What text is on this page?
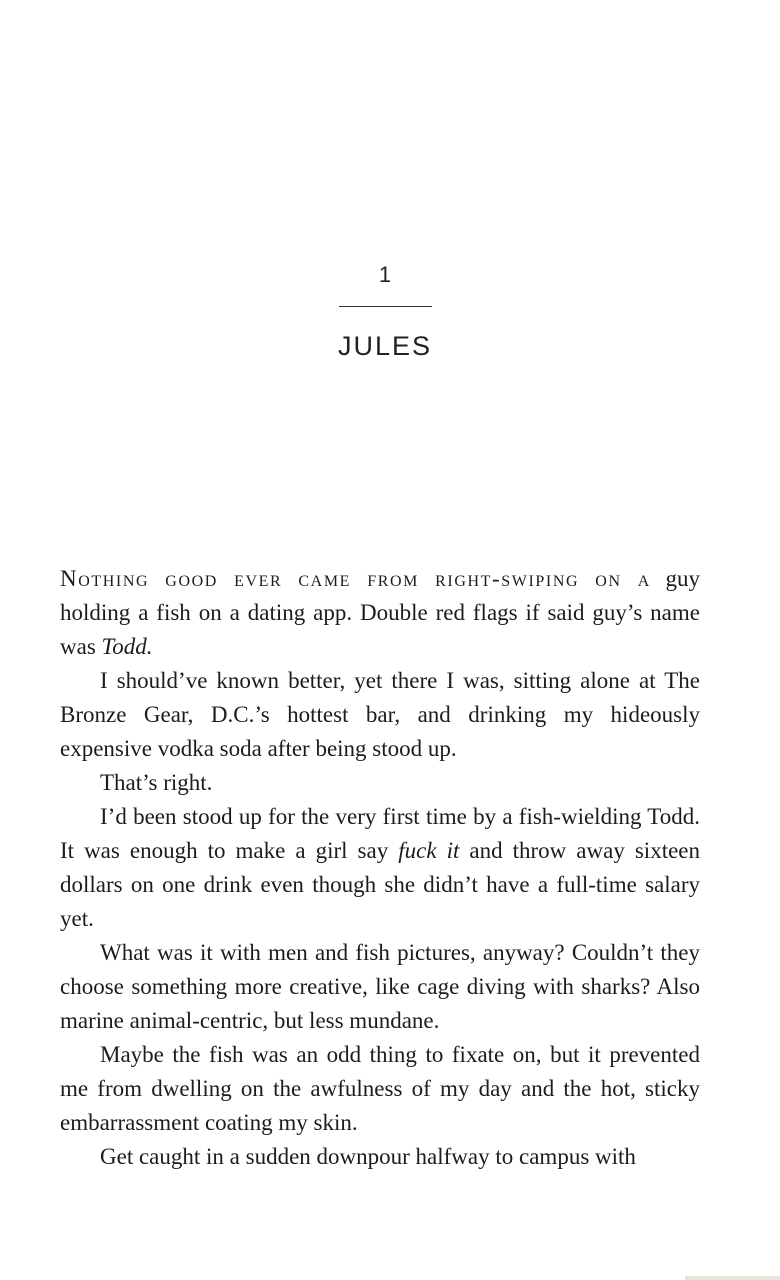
1
JULES

Nothing good ever came from right-swiping on a guy holding a fish on a dating app. Double red flags if said guy’s name was Todd.

I should’ve known better, yet there I was, sitting alone at The Bronze Gear, D.C.’s hottest bar, and drinking my hideously expensive vodka soda after being stood up.

That’s right.

I’d been stood up for the very first time by a fish-wielding Todd. It was enough to make a girl say fuck it and throw away sixteen dollars on one drink even though she didn’t have a full-time salary yet.

What was it with men and fish pictures, anyway? Couldn’t they choose something more creative, like cage diving with sharks? Also marine animal-centric, but less mundane.

Maybe the fish was an odd thing to fixate on, but it prevented me from dwelling on the awfulness of my day and the hot, sticky embarrassment coating my skin.

Get caught in a sudden downpour halfway to campus with
